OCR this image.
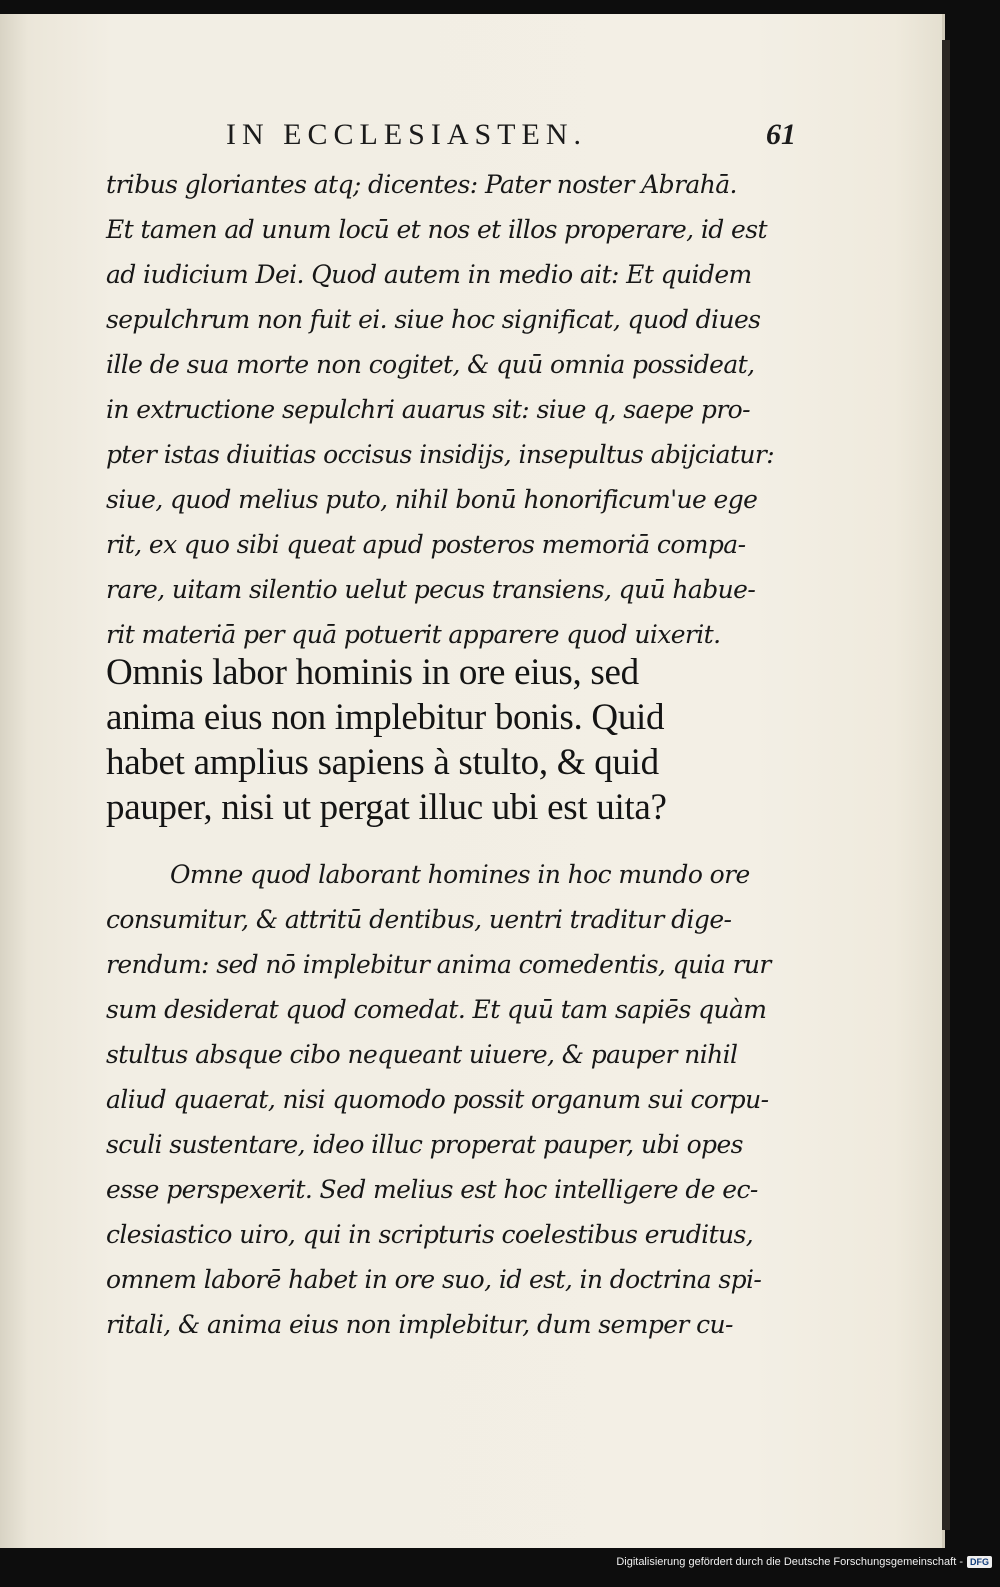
IN ECCLESIASTEN.	61
tribus gloriantes atq; dicentes: Pater noster Abrahā.
Et tamen ad unum locū et nos et illos properare, id est
ad iudicium Dei. Quod autem in medio ait: Et quidem
sepulchrum non fuit ei. siue hoc significat, quod diues
ille de sua morte non cogitet, & quū omnia possideat,
in extructione sepulchri auarus sit: siue q, saepe pro-
pter istas diuitias occisus insidijs, insepultus abijciatur:
siue, quod melius puto, nihil bonū honorificum'ue ege
rit, ex quo sibi queat apud posteros memoriā compa-
rare, uitam silentio uelut pecus transiens, quū habue-
rit materiā per quā potuerit apparere quod uixerit.
Omnis labor hominis in ore eius, sed
anima eius non implebitur bonis. Quid
habet amplius sapiens à stulto, & quid
pauper, nisi ut pergat illuc ubi est uita?
Omne quod laborant homines in hoc mundo ore
consumitur, & attritū dentibus, uentri traditur dige-
rendum: sed nō implebitur anima comedentis, quia rur
sum desiderat quod comedat. Et quū tam sapiēs quàm
stultus absque cibo nequeant uiuere, & pauper nihil
aliud quaerat, nisi quomodo possit organum sui corpu-
sculi sustentare, ideo illuc properat pauper, ubi opes
esse perspexerit. Sed melius est hoc intelligere de ec-
clesiastico uiro, qui in scripturis coelestibus eruditus,
omnem laborē habet in ore suo, id est, in doctrina spi-
ritali, & anima eius non implebitur, dum semper cu-
Digitalisierung gefördert durch die Deutsche Forschungsgemeinschaft - DFG
